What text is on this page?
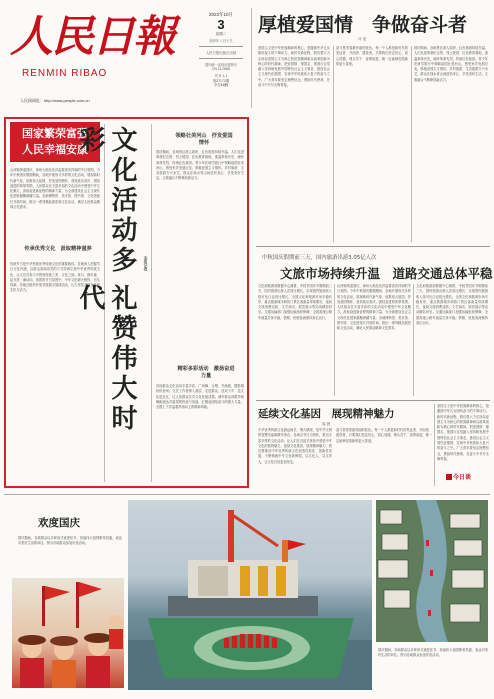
人民日報
RENMIN RIBAO
人民网网址：http://www.people.com.cn
2023年10月
3
星期二
癸卯年八月十九
人民日报出版社出版
国内统一连续出版物号
CN 11-0065
代号 1-1
第27172期
今日16版
厚植爱国情　争做奋斗者
评 论
爱国主义是中华民族精神的核心，是激励中华儿女团结奋斗的不竭动力。新时代新征程，我们要大力弘扬以爱国主义为核心的民族精神和以改革创新为核心的时代精神，把爱国情、强国志、报国行自觉融入坚持和发展中国特色社会主义事业、建设社会主义现代化强国、实现中华民族伟大复兴的奋斗之中。广大青年要坚定理想信念，勇担时代使命，在奋斗中书写无悔青春。
奋斗是青春最亮丽的底色。每一个人都是新时代的见证者、开创者、建设者，只要我们坚定信心、同心同德，埋头苦干、奋勇前进，就一定能够创造新的更大奇迹。
国庆期间，各地景区游人如织，红色旅游持续升温。人们走进革命纪念馆、烈士陵园、红色教育基地，重温革命历史，缅怀革命先烈，传承红色基因。青少年在研学旅行中领略祖国壮美河山，感受家乡发展巨变，厚植爱国主义情怀。乡村旅游、生态旅游方兴未艾，群众在绿水青山间放松身心、享受美好生活，文旅融合不断释放新活力。
国家繁荣富强
人民幸福安康
山河锦绣迎国庆，神州大地处处洋溢着喜庆祥和的节日氛围。今年中秋国庆假期期间，各地开展形式多样的文化活动，展现新时代新气象，讴歌伟大祖国，抒发爱国情怀，营造欢乐喜庆、团结奋进的浓厚氛围。人民群众在丰富多彩的文化活动中感受中华文化魅力，汲取奋进新征程的精神力量，为全面建设社会主义现代化国家凝聚磅礴力量。各地博物馆、美术馆、图书馆、文化馆延长开放时间，推出一系列精品展览和文化活动，满足人民群众精神文化需求。
传承优秀文化　汲取精神滋养
传统节日是中华民族优秀传统文化的重要载体。各地深入挖掘节日文化内涵，以群众喜闻乐见的方式传承弘扬中华优秀传统文化，让人们在参与中感受传统之美、文化之韵。赏月、猜灯谜、品月饼、诵诗词，浓浓的节日氛围中，中华文化薪火相传，历久弥新。各地还组织开展非遗展示展演活动，让古老技艺焕发新的生机与活力。
文化活动多彩
礼赞伟大时代
本报记者
领略壮美河山　抒发爱国情怀
国庆期间，各地景区游人如织，红色旅游持续升温。人们走进革命纪念馆、烈士陵园、红色教育基地，重温革命历史，缅怀革命先烈，传承红色基因。青少年在研学旅行中领略祖国壮美河山，感受家乡发展巨变，厚植爱国主义情怀。乡村旅游、生态旅游方兴未艾，群众在绿水青山间放松身心、享受美好生活，文旅融合不断释放新活力。
精彩多彩活动　激扬奋进力量
各地群众文化活动丰富多彩，广场舞、合唱、书画展、摄影展纷纷登场。文艺工作者深入基层、走进群众，送戏下乡、送文化进社区，让人民群众共享文化发展成果。城乡群众用歌声和舞蹈表达对祖国的热爱与祝福，汇聚起团结奋斗的强大力量，全国上下洋溢着昂扬向上的精神风貌。
中秋国庆假期前三天，国内旅游出游3.05亿人次
文旅市场持续升温　道路交通总体平稳
文化和旅游部数据中心测算，中秋节国庆节假期前三天，国内旅游出游人次同比增长，实现国内旅游收入按可比口径同比增长。全国文化和旅游市场平稳有序，重点旅游城市和热门景区客流量持续增长，夜间文旅消费活跃，文艺演出、展览展示等活动精彩纷呈。交通运输部门加强运输组织保障，全国高速公路车流量总体平稳，铁路、民航客流保持高位运行。
山河锦绣迎国庆，神州大地处处洋溢着喜庆祥和的节日氛围。今年中秋国庆假期期间，各地开展形式多样的文化活动，展现新时代新气象，讴歌伟大祖国，抒发爱国情怀，营造欢乐喜庆、团结奋进的浓厚氛围。人民群众在丰富多彩的文化活动中感受中华文化魅力，汲取奋进新征程的精神力量，为全面建设社会主义现代化国家凝聚磅礴力量。各地博物馆、美术馆、图书馆、文化馆延长开放时间，推出一系列精品展览和文化活动，满足人民群众精神文化需求。
文化和旅游部数据中心测算，中秋节国庆节假期前三天，国内旅游出游人次同比增长，实现国内旅游收入按可比口径同比增长。全国文化和旅游市场平稳有序，重点旅游城市和热门景区客流量持续增长，夜间文旅消费活跃，文艺演出、展览展示等活动精彩纷呈。交通运输部门加强运输组织保障，全国高速公路车流量总体平稳，铁路、民航客流保持高位运行。
延续文化基因　展现精神魅力
周 晨
中华优秀传统文化源远流长、博大精深，是中华文明的智慧结晶和精华所在。各地以节日为契机，推出丰富多样的文化活动，让人们在沉浸式体验中感悟中华文化的独特魅力。延续文化基因，展现精神魅力，我们要推动中华优秀传统文化创造性转化、创新性发展，不断铸就中华文化新辉煌，以文化人、以文育人，让文化自信更加坚定。
奋斗是青春最亮丽的底色。每一个人都是新时代的见证者、开创者、建设者，只要我们坚定信心、同心同德，埋头苦干、奋勇前进，就一定能够创造新的更大奇迹。
爱国主义是中华民族精神的核心，是激励中华儿女团结奋斗的不竭动力。新时代新征程，我们要大力弘扬以爱国主义为核心的民族精神和以改革创新为核心的时代精神，把爱国情、强国志、报国行自觉融入坚持和发展中国特色社会主义事业、建设社会主义现代化强国、实现中华民族伟大复兴的奋斗之中。广大青年要坚定理想信念，勇担时代使命，在奋斗中书写无悔青春。
今日谈
欢度国庆
国庆期间，各地群众以多种形式欢度佳节，祝福伟大祖国繁荣昌盛，表达对美好生活的向往。图为各地群众参加庆祝活动。
国庆期间，各地群众以多种形式欢度佳节，祝福伟大祖国繁荣昌盛，表达对美好生活的向往。图为各地群众参加庆祝活动。
